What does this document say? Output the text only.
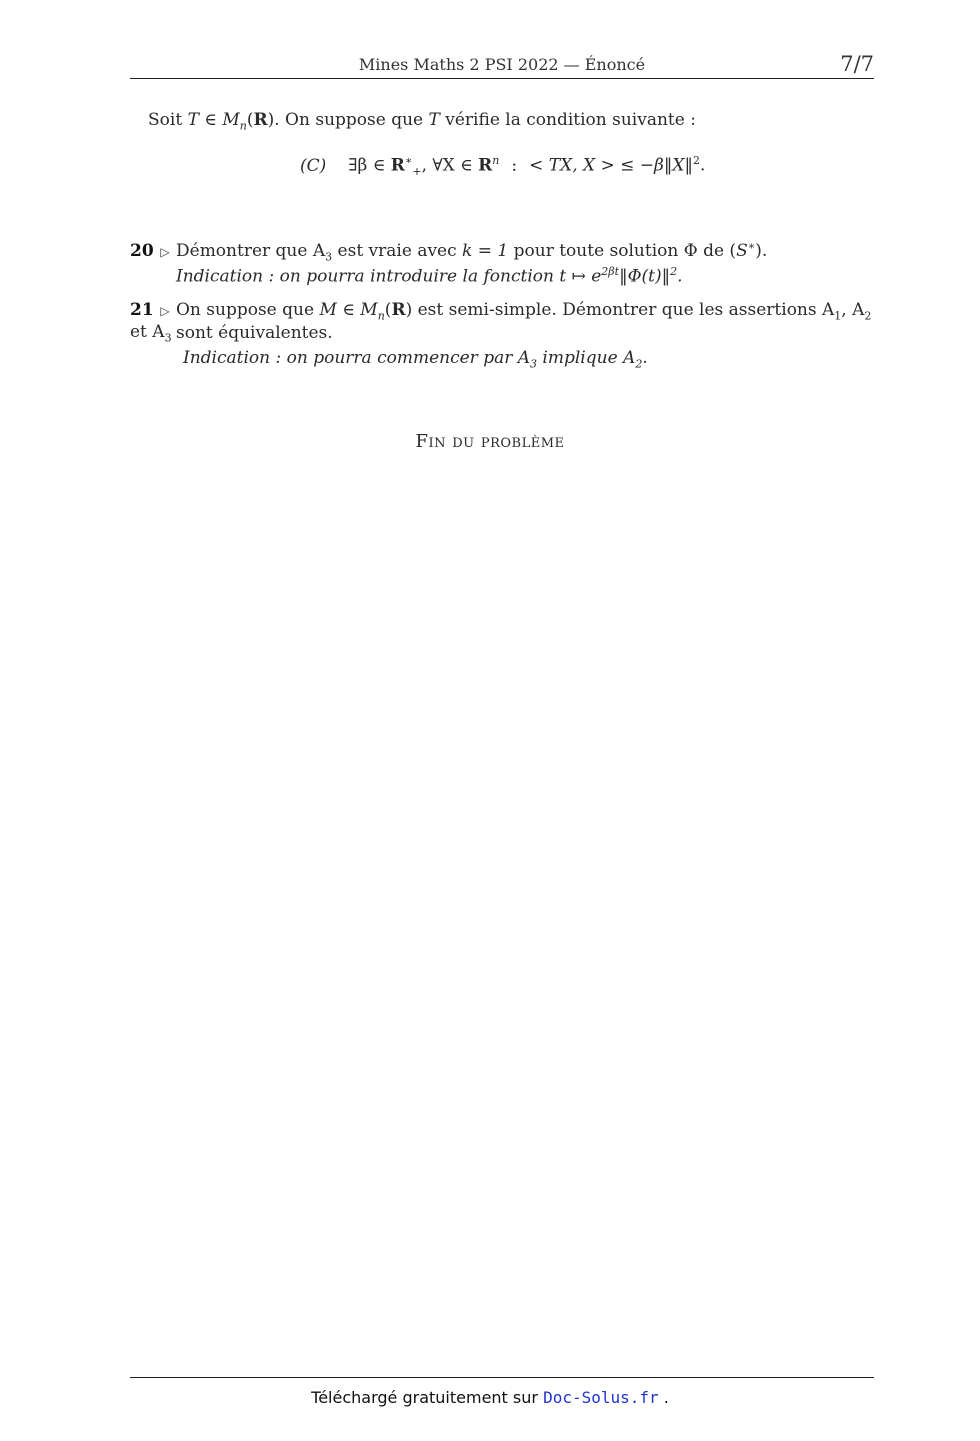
Mines Maths 2 PSI 2022 — Énoncé	7/7
Soit T ∈ $M_n(R)$. On suppose que T vérifie la condition suivante :
(C) ∃β ∈ $R^∗_+$, ∀X ∈ $R^n$ : < TX, X > ≤ −β‖X‖$^2$.
20 ▷ Démontrer que $A_3$ est vraie avec k = 1 pour toute solution Φ de (S∗).
Indication : on pourra introduire la fonction t ↦ $e^{2\beta t}‖\Phi(t)‖^2$.
21 ▷ On suppose que M ∈ $M_n(R)$ est semi-simple. Démontrer que les assertions $A_1$, $A_2$ et $A_3$ sont équivalentes.
Indication : on pourra commencer par $A_3$ implique $A_2$.
Fin du problème
Téléchargé gratuitement sur Doc-Solus.fr .
